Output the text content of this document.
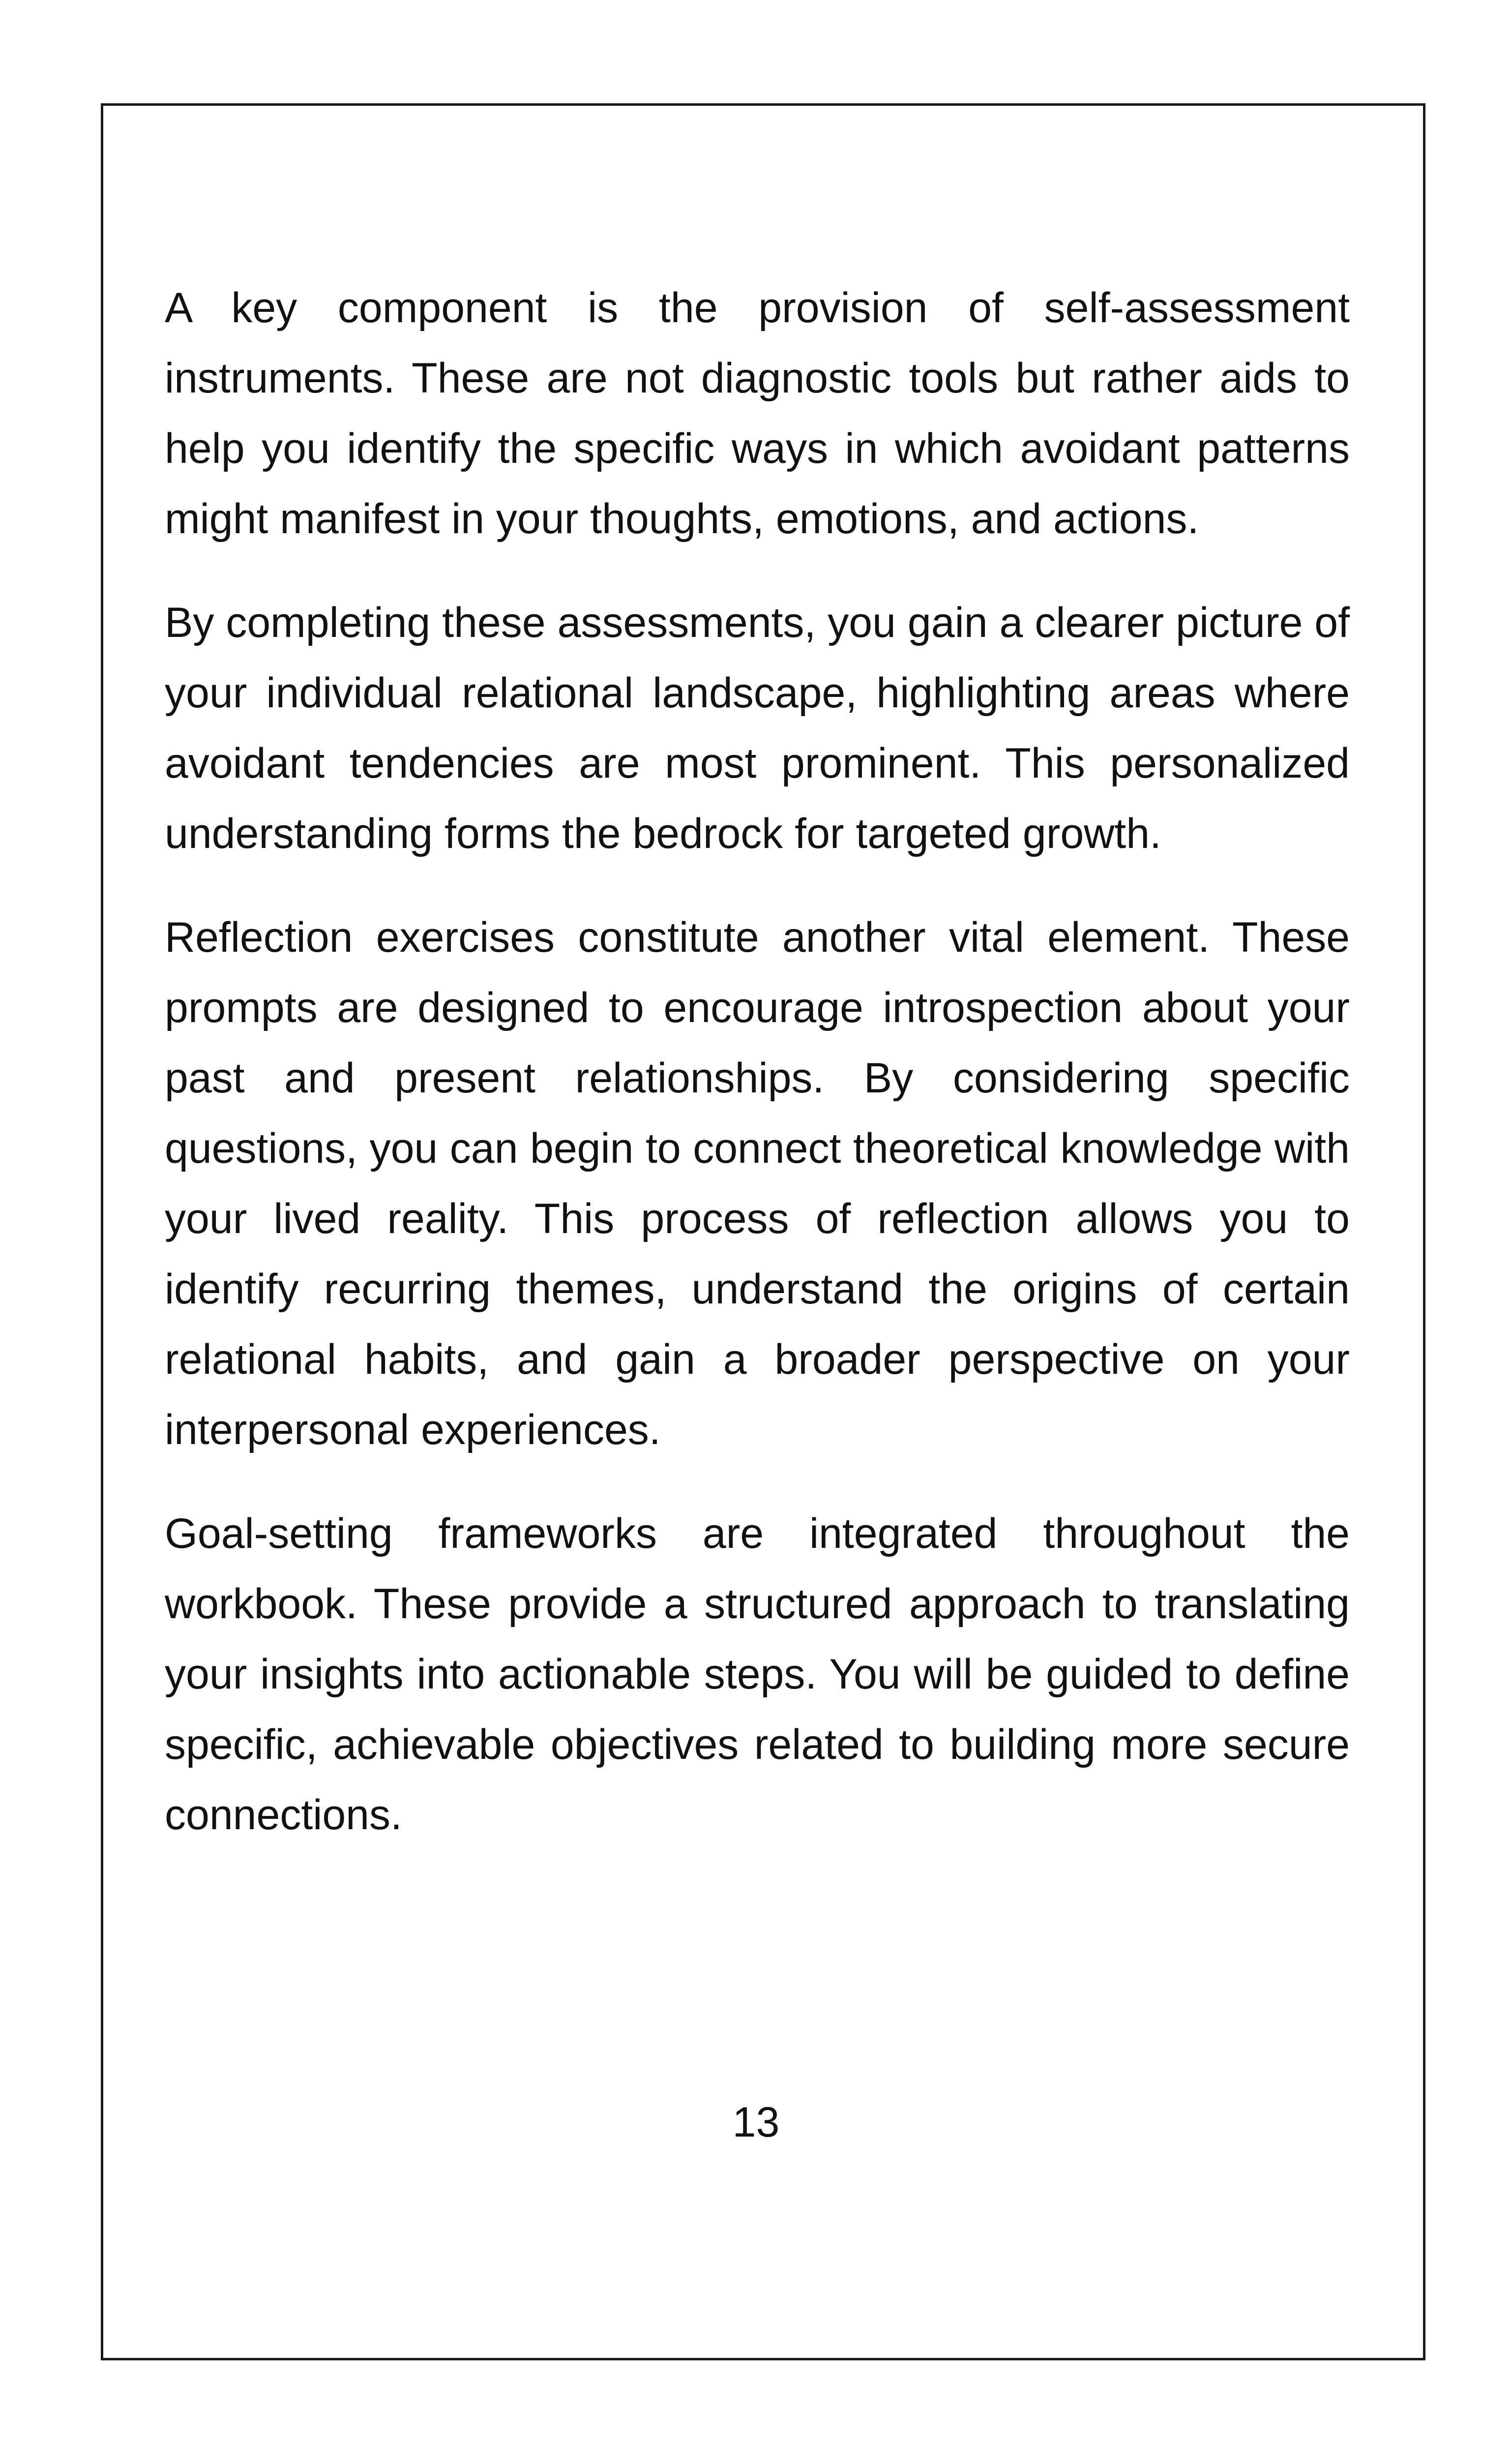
A key component is the provision of self-assessment instruments. These are not diagnostic tools but rather aids to help you identify the specific ways in which avoidant patterns might manifest in your thoughts, emotions, and actions.

By completing these assessments, you gain a clearer picture of your individual relational landscape, highlighting areas where avoidant tendencies are most prominent. This personalized understanding forms the bedrock for targeted growth.

Reflection exercises constitute another vital element. These prompts are designed to encourage introspection about your past and present relationships. By considering specific questions, you can begin to connect theoretical knowledge with your lived reality. This process of reflection allows you to identify recurring themes, understand the origins of certain relational habits, and gain a broader perspective on your interpersonal experiences.

Goal-setting frameworks are integrated throughout the workbook. These provide a structured approach to translating your insights into actionable steps. You will be guided to define specific, achievable objectives related to building more secure connections.

13
